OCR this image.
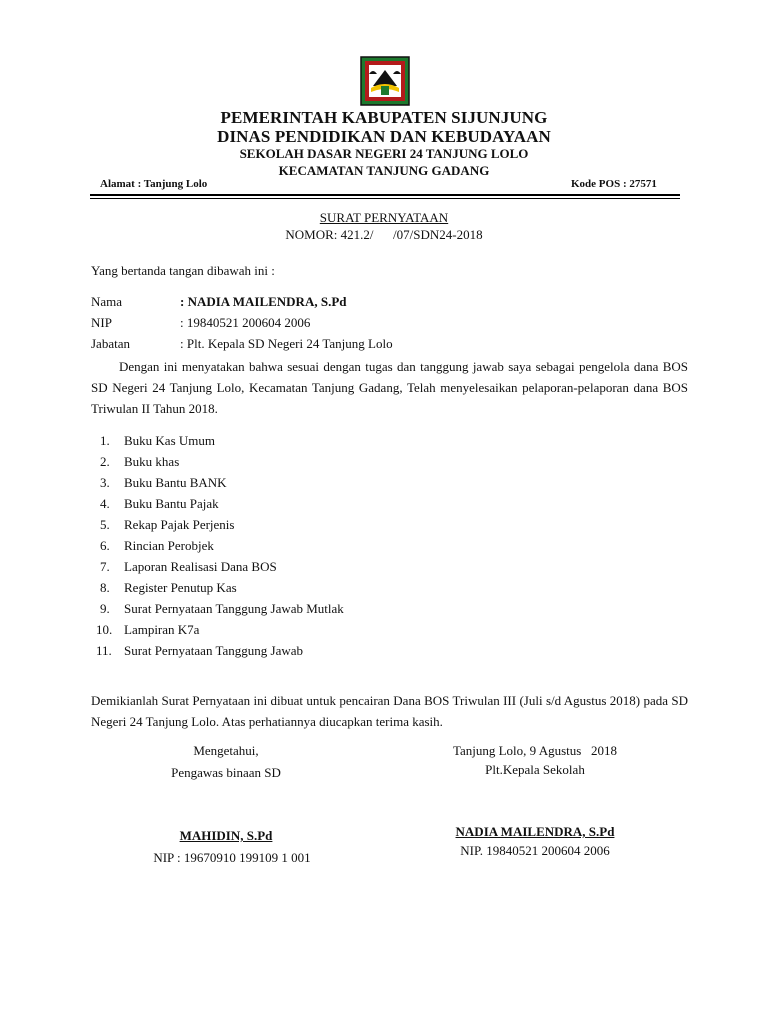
PEMERINTAH KABUPATEN SIJUNJUNG
DINAS PENDIDIKAN DAN KEBUDAYAAN
SEKOLAH DASAR NEGERI 24 TANJUNG LOLO
KECAMATAN TANJUNG GADANG
Alamat : Tanjung Lolo	Kode POS : 27571
SURAT PERNYATAAN
NOMOR: 421.2/      /07/SDN24-2018
Yang bertanda tangan dibawah ini :
Nama	: NADIA MAILENDRA, S.Pd
NIP	: 19840521 200604 2006
Jabatan	: Plt. Kepala SD Negeri 24 Tanjung Lolo
Dengan ini menyatakan bahwa sesuai dengan tugas dan tanggung jawab saya sebagai pengelola dana BOS SD Negeri 24 Tanjung Lolo, Kecamatan Tanjung Gadang, Telah menyelesaikan pelaporan-pelaporan dana BOS Triwulan II Tahun 2018.
1. Buku Kas Umum
2. Buku khas
3. Buku Bantu BANK
4. Buku Bantu Pajak
5. Rekap Pajak Perjenis
6. Rincian Perobjek
7. Laporan Realisasi Dana BOS
8. Register Penutup Kas
9. Surat Pernyataan Tanggung Jawab Mutlak
10. Lampiran K7a
11. Surat Pernyataan Tanggung Jawab
Demikianlah Surat Pernyataan ini dibuat untuk pencairan Dana BOS Triwulan III (Juli s/d Agustus 2018) pada SD Negeri 24 Tanjung Lolo. Atas perhatiannya diucapkan terima kasih.
Mengetahui,
Pengawas binaan SD
MAHIDIN, S.Pd
NIP : 19670910 199109 1 001
Tanjung Lolo, 9 Agustus   2018
Plt.Kepala Sekolah
NADIA MAILENDRA, S.Pd
NIP. 19840521 200604 2006
